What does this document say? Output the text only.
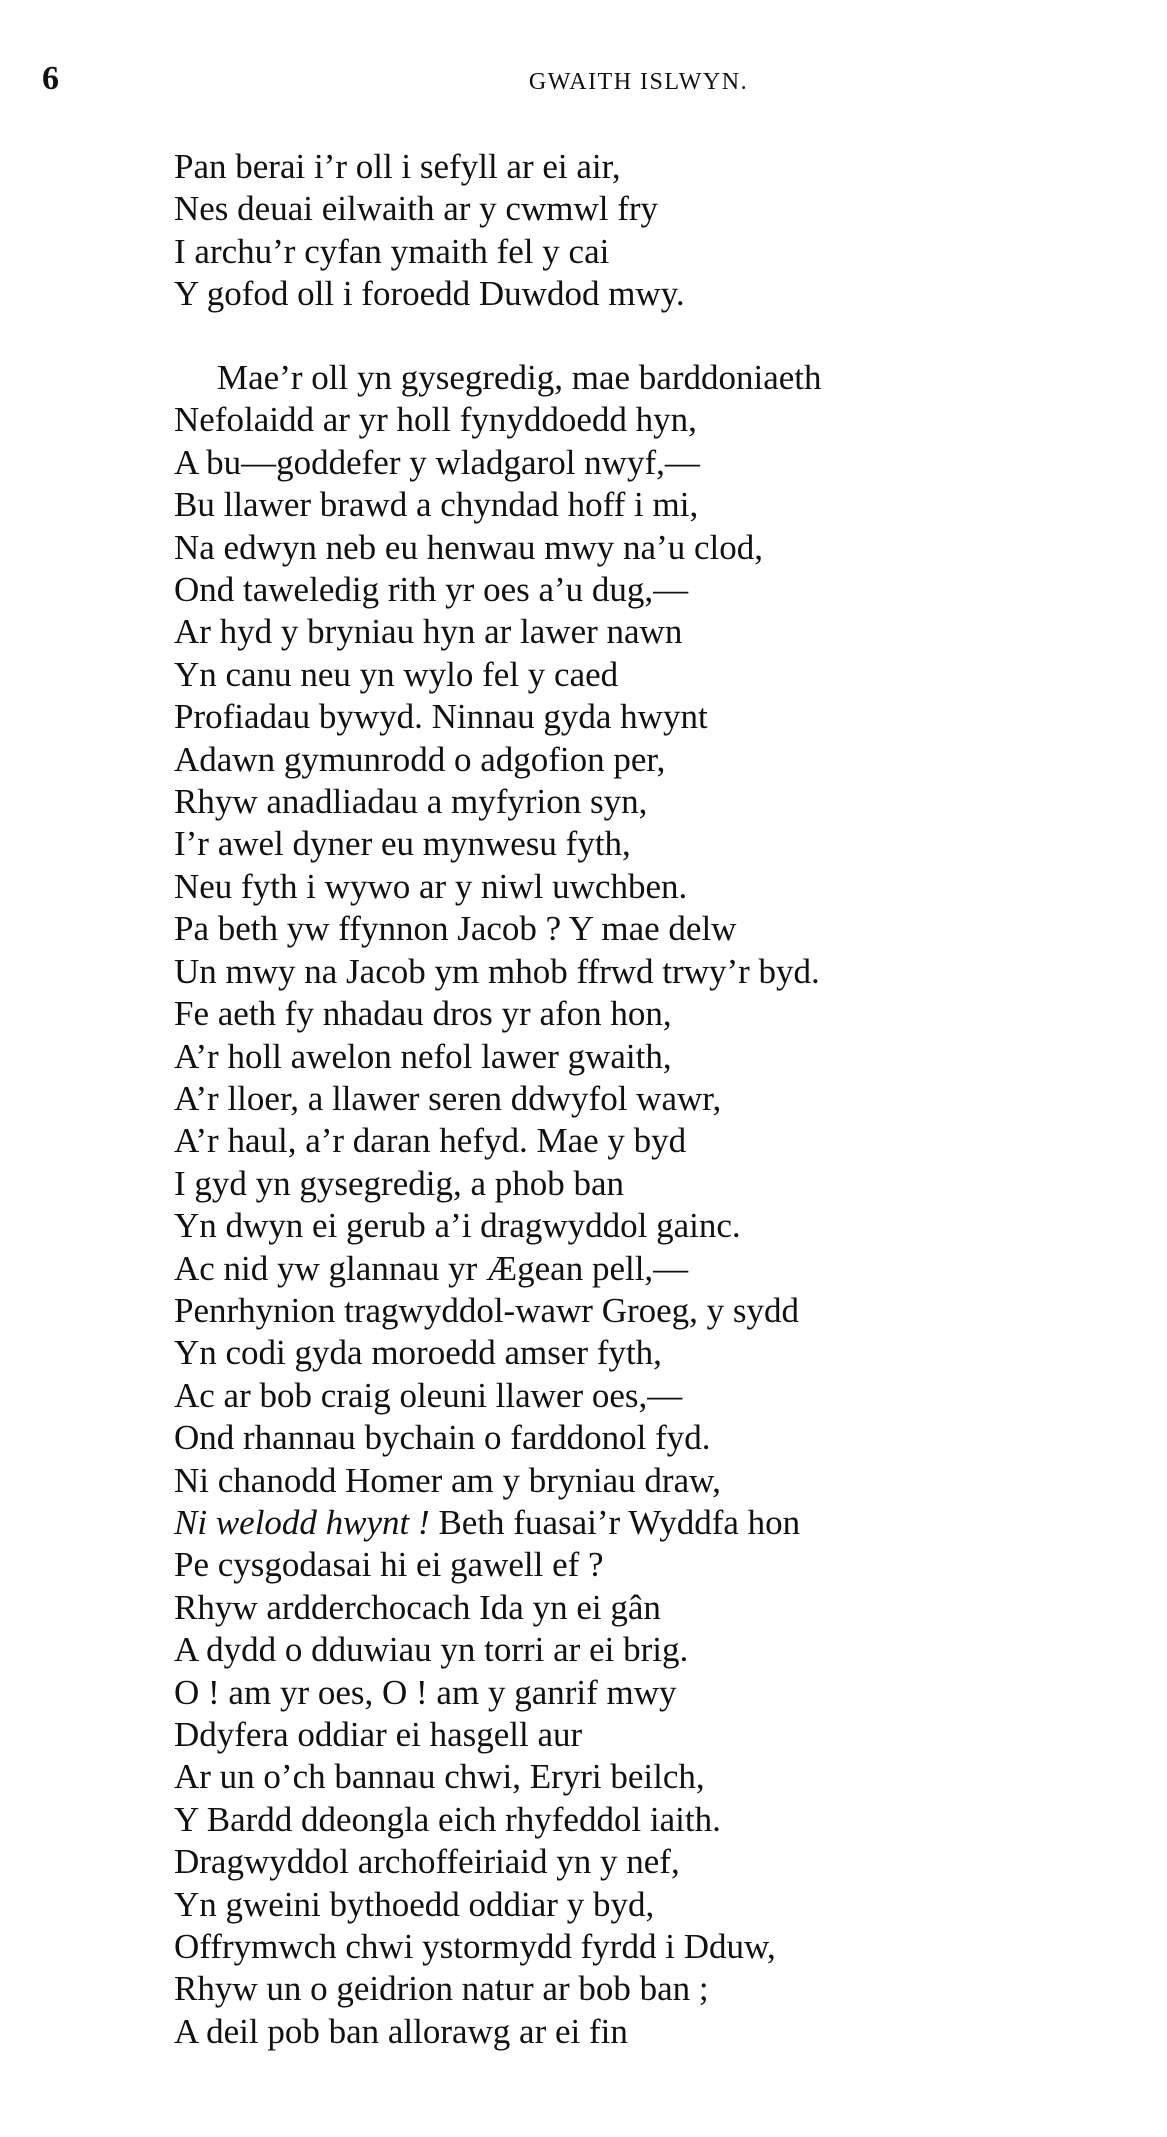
6	GWAITH ISLWYN.
Pan berai i’r oll i sefyll ar ei air,
Nes deuai eilwaith ar y cwmwl fry
I archu’r cyfan ymaith fel y cai
Y gofod oll i foroedd Duwdod mwy.
Mae’r oll yn gysegredig, mae barddoniaeth
Nefolaidd ar yr holl fynyddoedd hyn,
A bu—goddefer y wladgarol nwyf,—
Bu llawer brawd a chyndad hoff i mi,
Na edwyn neb eu henwau mwy na’u clod,
Ond taweledig rith yr oes a’u dug,—
Ar hyd y bryniau hyn ar lawer nawn
Yn canu neu yn wylo fel y caed
Profiadau bywyd. Ninnau gyda hwynt
Adawn gymunrodd o adgofion per,
Rhyw anadliadau a myfyrion syn,
I’r awel dyner eu mynwesu fyth,
Neu fyth i wywo ar y niwl uwchben.
Pa beth yw ffynnon Jacob ? Y mae delw
Un mwy na Jacob ym mhob ffrwd trwy’r byd.
Fe aeth fy nhadau dros yr afon hon,
A’r holl awelon nefol lawer gwaith,
A’r lloer, a llawer seren ddwyfol wawr,
A’r haul, a’r daran hefyd. Mae y byd
I gyd yn gysegredig, a phob ban
Yn dwyn ei gerub a’i dragwyddol gainc.
Ac nid yw glannau yr Ægean pell,—
Penrhynion tragwyddol-wawr Groeg, y sydd
Yn codi gyda moroedd amser fyth,
Ac ar bob craig oleuni llawer oes,—
Ond rhannau bychain o farddonol fyd.
Ni chanodd Homer am y bryniau draw,
Ni welodd hwynt ! Beth fuasai’r Wyddfa hon
Pe cysgodasai hi ei gawell ef ?
Rhyw ardderchocach Ida yn ei gân
A dydd o dduwiau yn torri ar ei brig.
O ! am yr oes, O ! am y ganrif mwy
Ddyfera oddiar ei hasgell aur
Ar un o’ch bannau chwi, Eryri beilch,
Y Bardd ddeongla eich rhyfeddol iaith.
Dragwyddol archoffeiriaid yn y nef,
Yn gweini bythoedd oddiar y byd,
Offrymwch chwi ystormydd fyrdd i Dduw,
Rhyw un o geidrion natur ar bob ban ;
A deil pob ban allorawg ar ei fin
